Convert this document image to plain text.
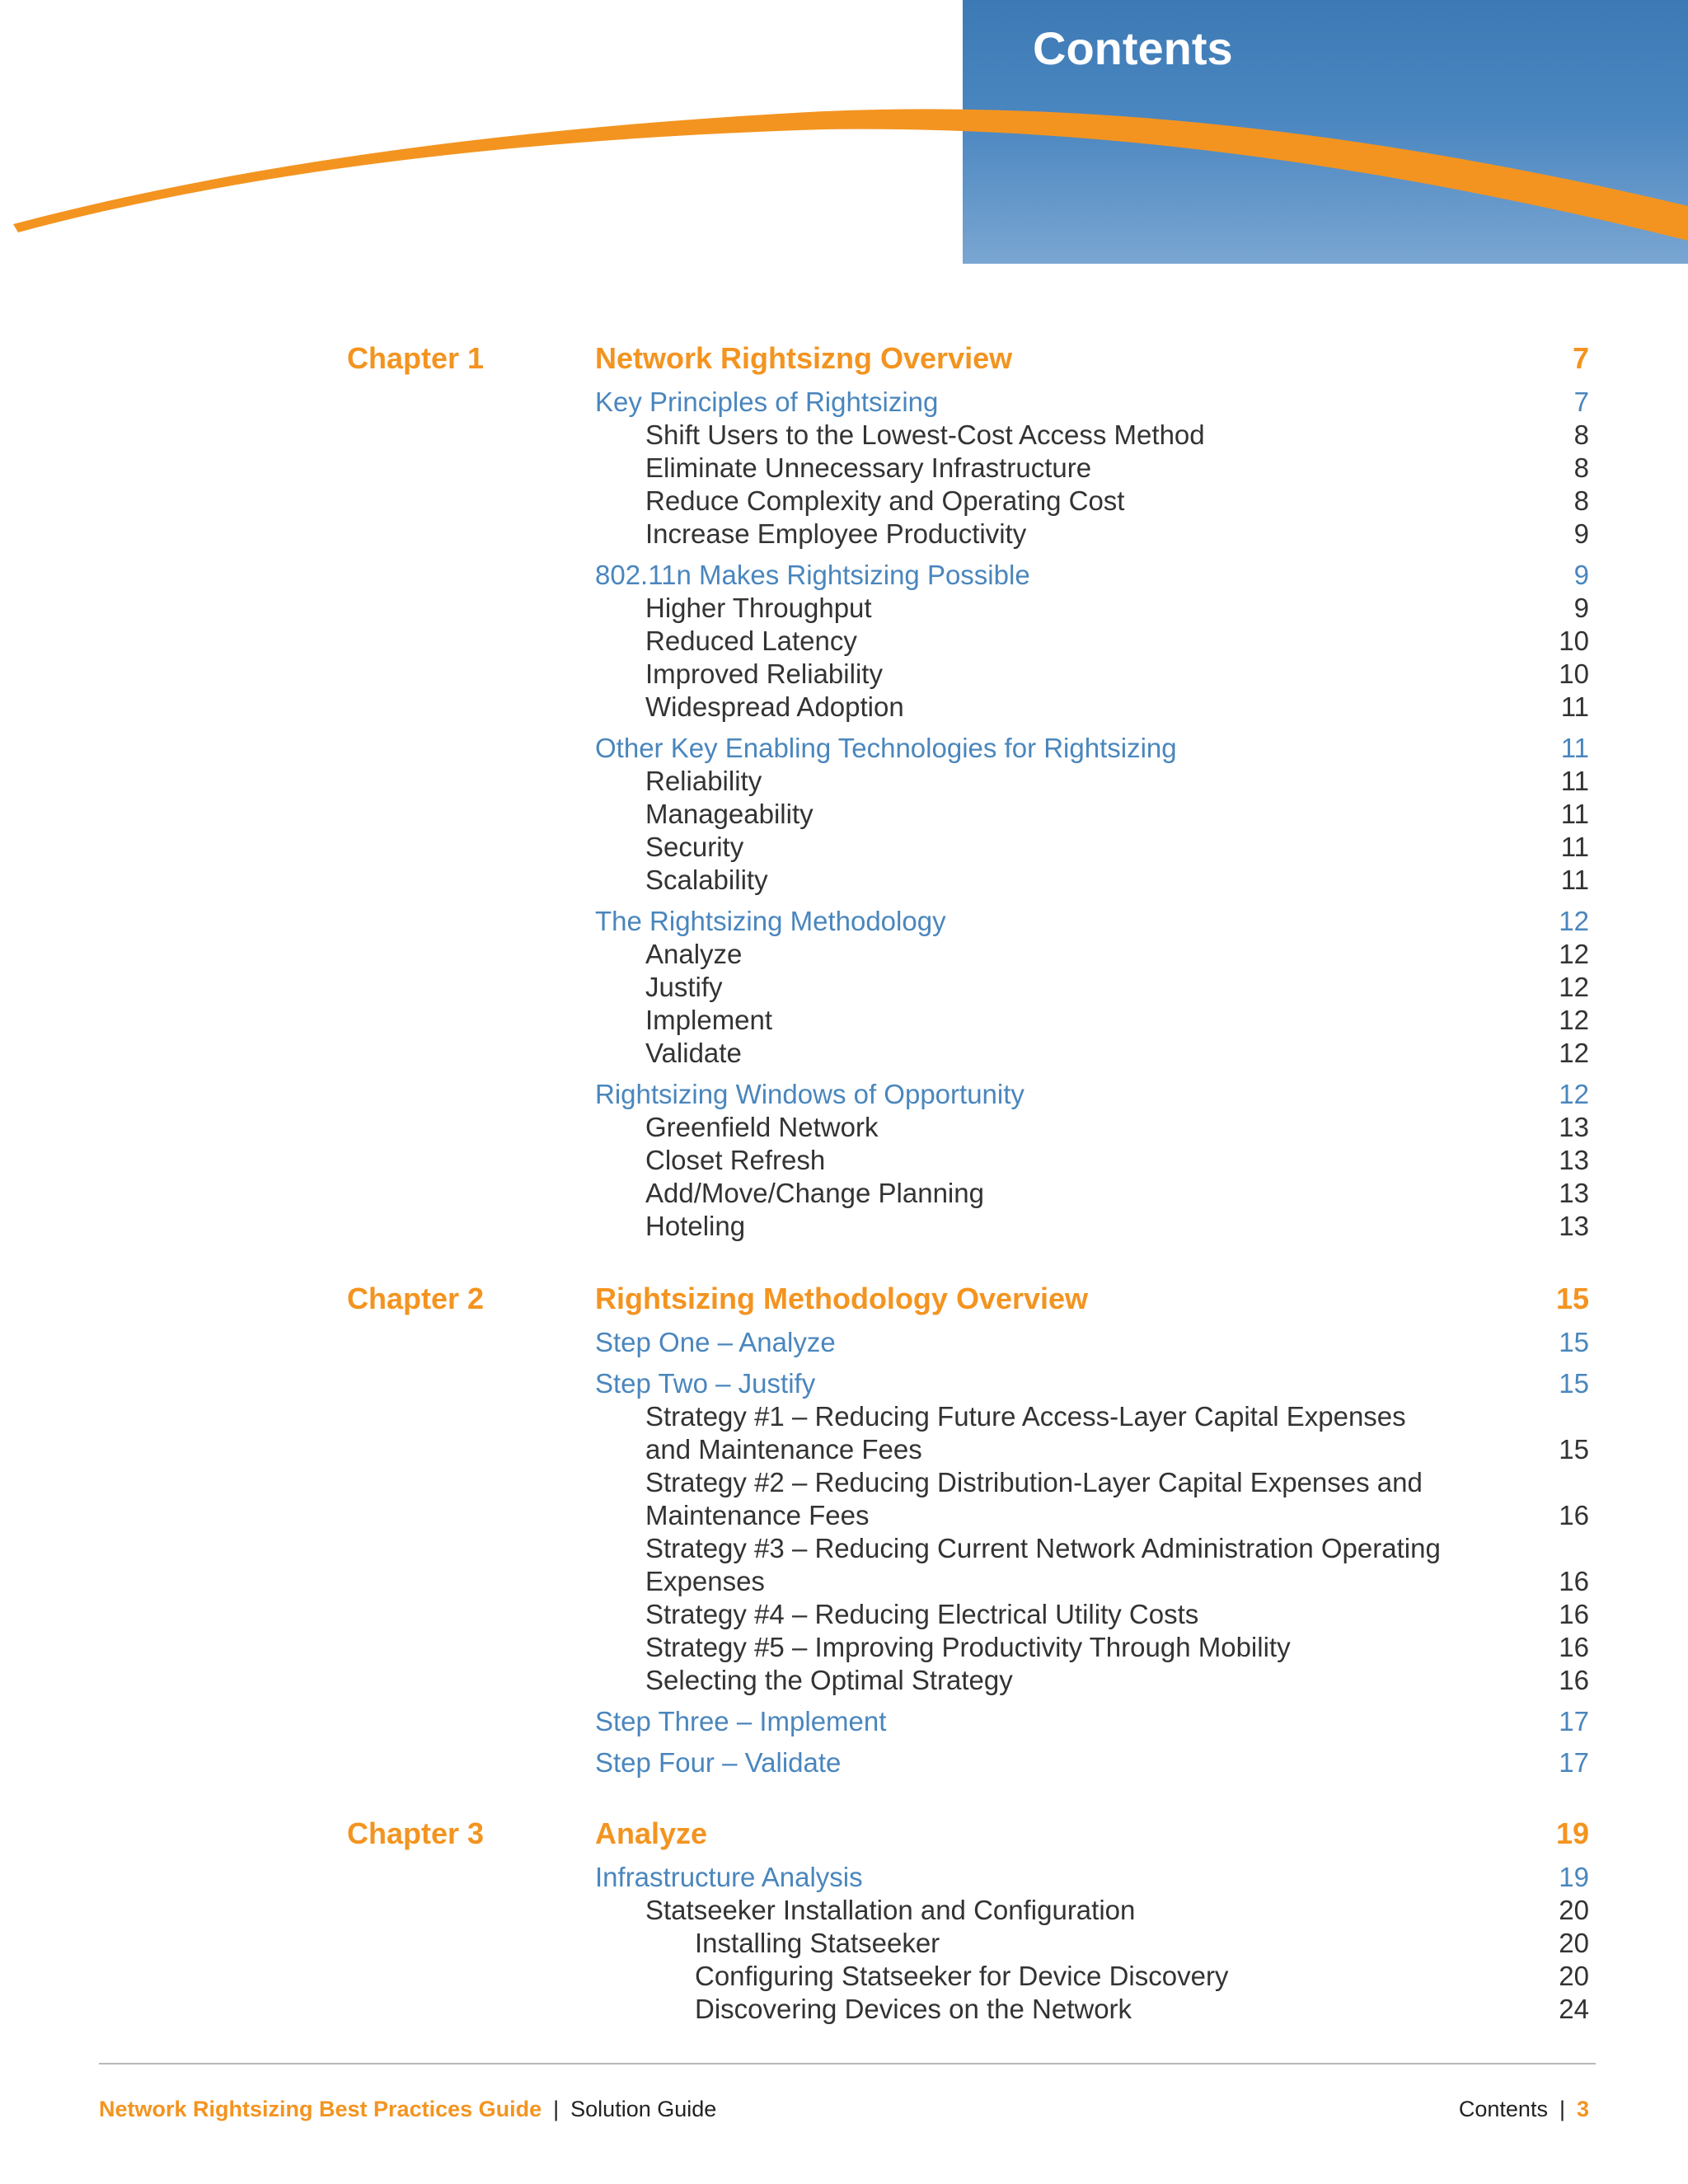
Contents
Chapter 1	Network Rightsizng Overview	7
Key Principles of Rightsizing	7
Shift Users to the Lowest-Cost Access Method	8
Eliminate Unnecessary Infrastructure	8
Reduce Complexity and Operating Cost	8
Increase Employee Productivity	9
802.11n Makes Rightsizing Possible	9
Higher Throughput	9
Reduced Latency	10
Improved Reliability	10
Widespread Adoption	11
Other Key Enabling Technologies for Rightsizing	11
Reliability	11
Manageability	11
Security	11
Scalability	11
The Rightsizing Methodology	12
Analyze	12
Justify	12
Implement	12
Validate	12
Rightsizing Windows of Opportunity	12
Greenfield Network	13
Closet Refresh	13
Add/Move/Change Planning	13
Hoteling	13
Chapter 2	Rightsizing Methodology Overview	15
Step One – Analyze	15
Step Two – Justify	15
Strategy #1 – Reducing Future Access-Layer Capital Expenses
and Maintenance Fees	15
Strategy #2 – Reducing Distribution-Layer Capital Expenses and
Maintenance Fees	16
Strategy #3 – Reducing Current Network Administration Operating
Expenses	16
Strategy #4 – Reducing Electrical Utility Costs	16
Strategy #5 – Improving Productivity Through Mobility	16
Selecting the Optimal Strategy	16
Step Three – Implement	17
Step Four – Validate	17
Chapter 3	Analyze	19
Infrastructure Analysis	19
Statseeker Installation and Configuration	20
Installing Statseeker	20
Configuring Statseeker for Device Discovery	20
Discovering Devices on the Network	24
Network Rightsizing Best Practices Guide | Solution Guide	Contents | 3
